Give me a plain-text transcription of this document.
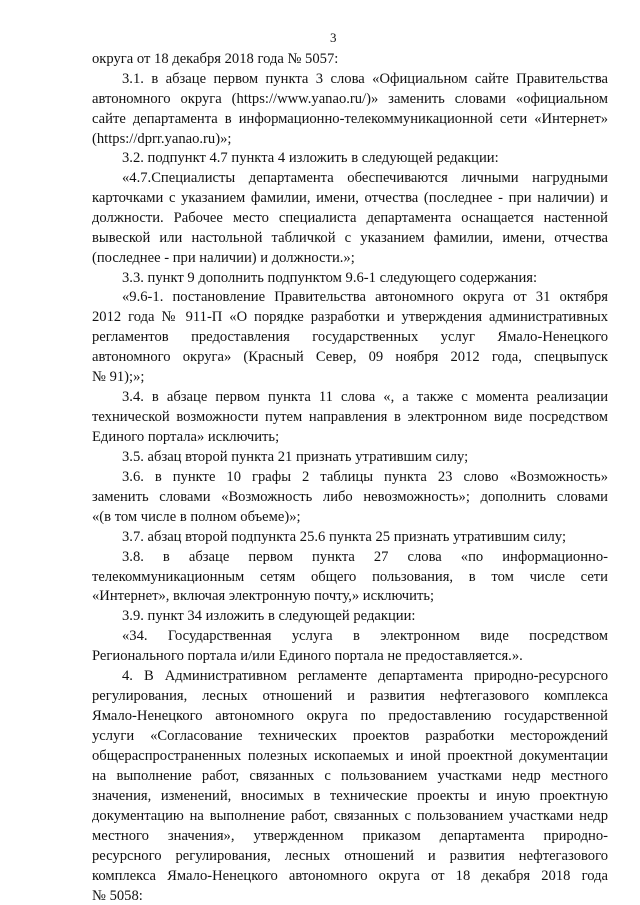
3
округа от 18 декабря 2018 года № 5057:
3.1. в абзаце первом пункта 3 слова «Официальном сайте Правительства
автономного округа (https://www.yanao.ru/)» заменить словами «официальном
сайте департамента в информационно-телекоммуникационной сети «Интернет»
(https://dprr.yanao.ru)»;
3.2. подпункт 4.7 пункта 4 изложить в следующей редакции:
«4.7.Специалисты департамента обеспечиваются личными нагрудными
карточками с указанием фамилии, имени, отчества (последнее - при наличии) и
должности. Рабочее место специалиста департамента оснащается настенной
вывеской или настольной табличкой с указанием фамилии, имени, отчества
(последнее - при наличии) и должности.»;
3.3. пункт 9 дополнить подпунктом 9.6-1 следующего содержания:
«9.6-1. постановление Правительства автономного округа от 31 октября
2012 года № 911-П «О порядке разработки и утверждения административных
регламентов предоставления государственных услуг Ямало-Ненецкого
автономного округа» (Красный Север, 09 ноября 2012 года, спецвыпуск
№ 91);»;
3.4. в абзаце первом пункта 11 слова «, а также с момента реализации
технической возможности путем направления в электронном виде посредством
Единого портала» исключить;
3.5. абзац второй пункта 21 признать утратившим силу;
3.6. в пункте 10 графы 2 таблицы пункта 23 слово «Возможность»
заменить словами «Возможность либо невозможность»; дополнить словами
«(в том числе в полном объеме)»;
3.7. абзац второй подпункта 25.6 пункта 25 признать утратившим силу;
3.8. в абзаце первом пункта 27 слова «по информационно-
телекоммуникационным сетям общего пользования, в том числе сети
«Интернет», включая электронную почту,» исключить;
3.9. пункт 34 изложить в следующей редакции:
«34. Государственная услуга в электронном виде посредством
Регионального портала и/или Единого портала не предоставляется.».
4. В Административном регламенте департамента природно-ресурсного
регулирования, лесных отношений и развития нефтегазового комплекса
Ямало-Ненецкого автономного округа по предоставлению государственной
услуги «Согласование технических проектов разработки месторождений
общераспространенных полезных ископаемых и иной проектной документации
на выполнение работ, связанных с пользованием участками недр местного
значения, изменений, вносимых в технические проекты и иную проектную
документацию на выполнение работ, связанных с пользованием участками недр
местного значения», утвержденном приказом департамента природно-
ресурсного регулирования, лесных отношений и развития нефтегазового
комплекса Ямало-Ненецкого автономного округа от 18 декабря 2018 года
№ 5058:
